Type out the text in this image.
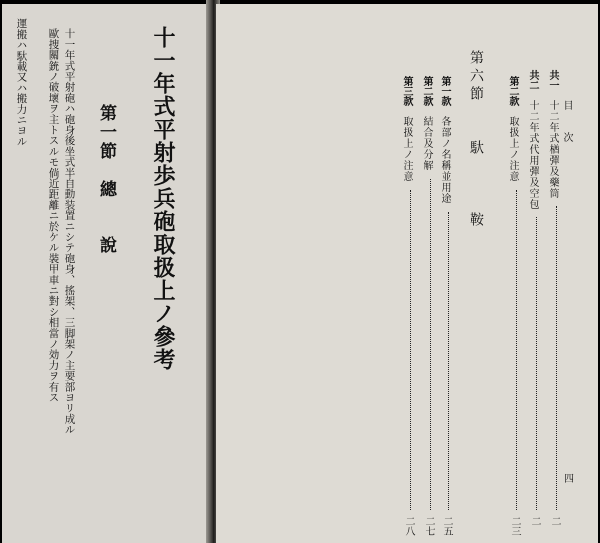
十一年式平射歩兵砲取扱上ノ參考
第一節　總
說
十一年式平射砲ハ砲身後坐式半自動装置ニシテ砲身、搖架、三脚架ノ主要部ヨリ成ル
歐捜關銃ノ破壞ヲ主トスルモ倘近距離ニ於ケル裝甲車ニ對シ相當ノ効力ヲ有ス
運搬ハ馱載又ハ搬力ニヨル	目　次
四
共一　十二年式楢彈及藥筒
二
共二　十二年式代用彈及空包
二
第二款　取扱上ノ注意
二三
第六節　　馱　　　鞍
第一款　各部ノ名稱並用途
二五
第二款　結合及分解
二七
第三款　取扱上ノ注意
二八
